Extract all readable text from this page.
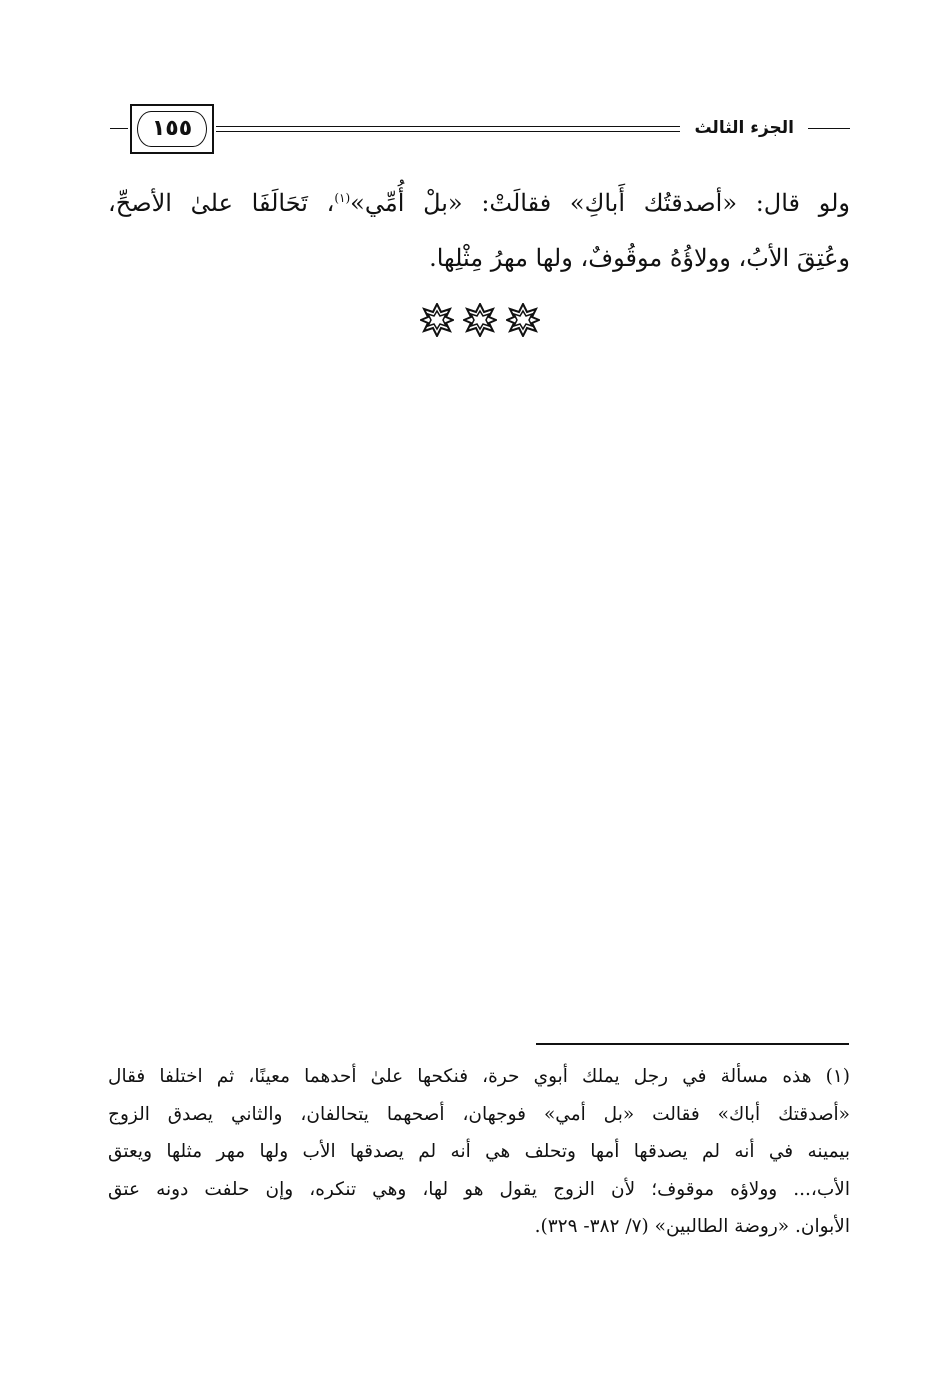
١٥٥	الجزء الثالث
ولو قال: «أصدقتُك أَباكِ» فقالَتْ: «بلْ أُمِّي»$^{(١)}$، تَحَالَفَا علىٰ الأصحِّ،
وعُتِقَ الأبُ، وولاؤُهُ موقُوفٌ، ولها مهرُ مِثْلِها.
(١) هذه مسألة في رجل يملك أبوي حرة، فنكحها علىٰ أحدهما معينًا، ثم اختلفا فقال
«أصدقتك أباك» فقالت «بل أمي» فوجهان، أصحهما يتحالفان، والثاني يصدق الزوج
بيمينه في أنه لم يصدقها أمها وتحلف هي أنه لم يصدقها الأب ولها مهر مثلها ويعتق
الأب،... وولاؤه موقوف؛ لأن الزوج يقول هو لها، وهي تنكره، وإن حلفت دونه عتق
الأبوان. «روضة الطالبين» (٧/ ٣٨٢- ٣٢٩).
